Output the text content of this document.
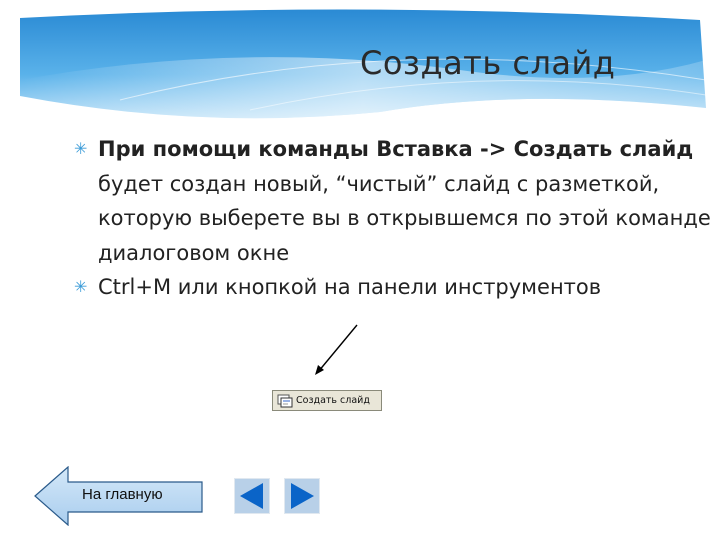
Создать слайд
✳ При помощи команды Вставка -> Создать слайд будет создан новый, “чистый” слайд с разметкой, которую выберете вы в открывшемся по этой команде диалоговом окне
✳ Ctrl+M или кнопкой на панели инструментов
Создать слайд
На главную
